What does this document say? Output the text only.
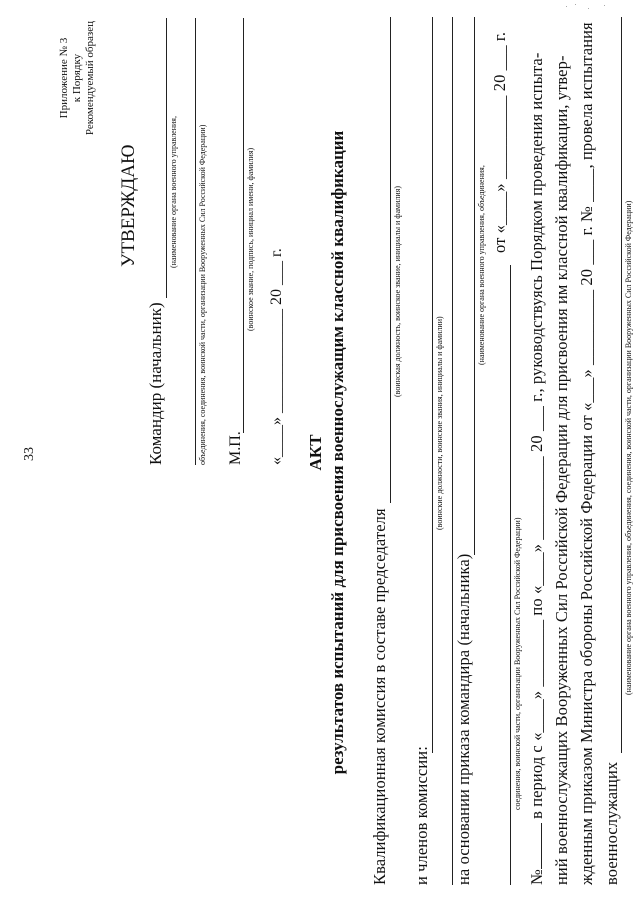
33
Приложение № 3 к Порядку Рекомендуемый образец
УТВЕРЖДАЮ
Командир (начальник)
(наименование органа военного управления,	объединения, соединения, воинской части, организации Вооруженных Сил Российской Федерации) М.П.
(воинское звание, подпись, инициал имени, фамилия)
«____» _____________ 20 ___ г. АКТ результатов испытаний для присвоения военнослужащим классной квалификации Квалификационная комиссия в составе председателя
(воинская должность, воинское звание, инициалы и фамилия)
и членов комиссии:
(воинские должности, воинские звания, инициалы и фамилии)
на основании приказа командира (начальника)
(наименование органа военного управления, объединения,
от «____» __________ 20 ___ г.
соединения, воинской части, организации Вооруженных Сил Российской Федерации)
№ в период с «____» ________ по «____» __________ 20 ___ г., руководствуясь Порядком проведения испыта- ний военнослужащих Вооруженных Сил Российской Федерации для присвоения им классной квалификации, утвер- жденным приказом Министра обороны Российской Федерации от «___» _________ 20 ___ г. № ____, провела испытания военнослужащих
(наименование органа военного управления, объединения, соединения, воинской части, организации Вооруженных Сил Российской Федерации)
